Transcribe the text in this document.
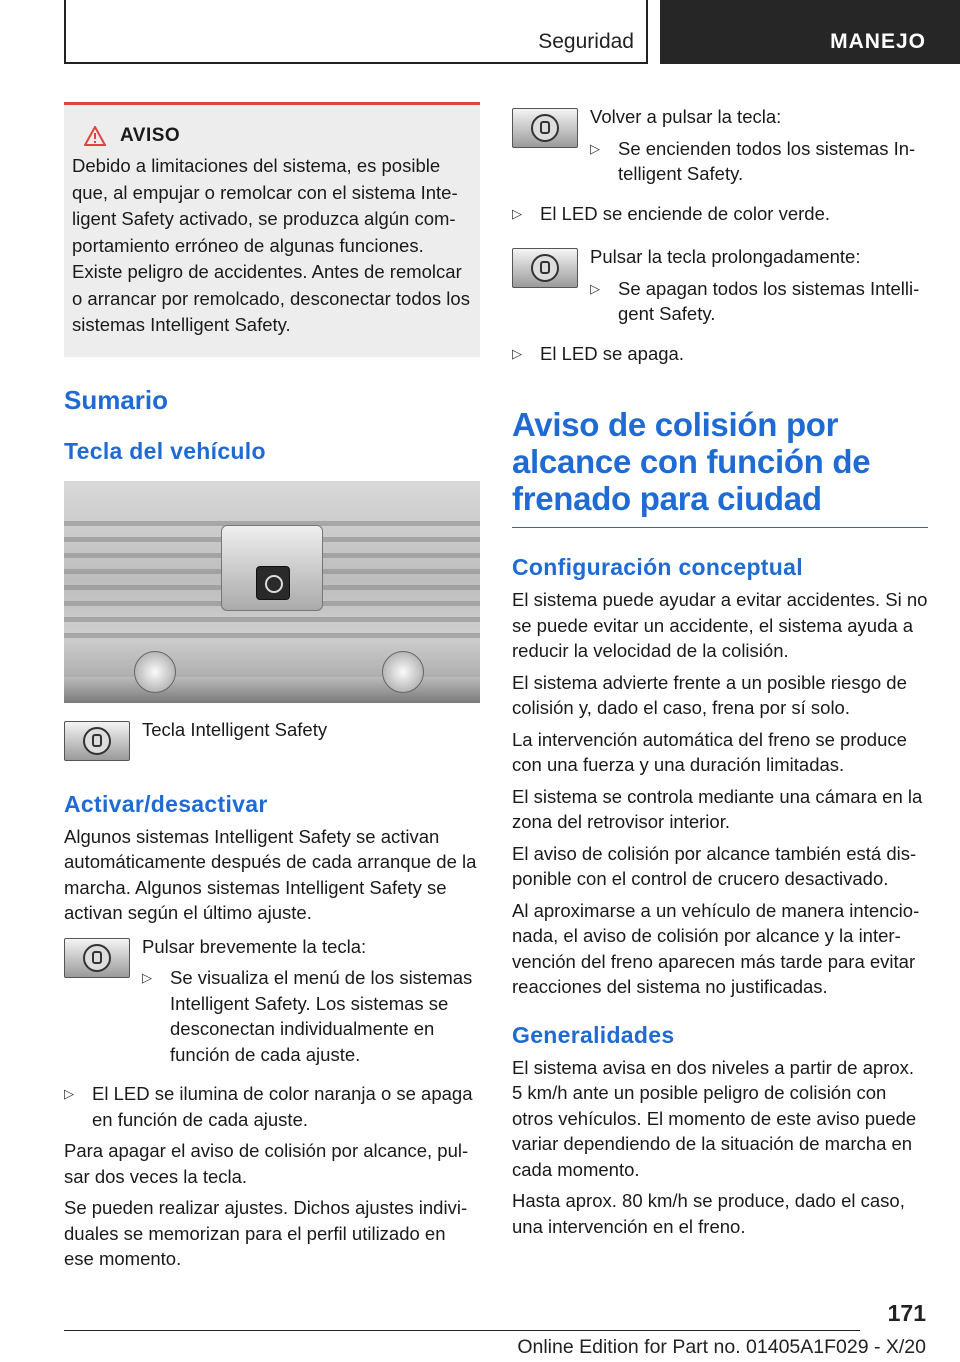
Seguridad	MANEJO
AVISO
Debido a limitaciones del sistema, es posible que, al empujar o remolcar con el sistema Inteligent Safety activado, se produzca algún comportamiento erróneo de algunas funciones. Existe peligro de accidentes. Antes de remolcar o arrancar por remolcado, desconectar todos los sistemas Intelligent Safety.
Sumario
Tecla del vehículo

Tecla Intelligent Safety

Activar/desactivar

Algunos sistemas Intelligent Safety se activan automáticamente después de cada arranque de la marcha. Algunos sistemas Intelligent Safety se activan según el último ajuste.

Pulsar brevemente la tecla:

▷ Se visualiza el menú de los sistemas Intelligent Safety. Los sistemas se desconectan individualmente en función de cada ajuste.
▷ El LED se ilumina de color naranja o se apaga en función de cada ajuste.

Para apagar el aviso de colisión por alcance, pulsar dos veces la tecla.

Se pueden realizar ajustes. Dichos ajustes individuales se memorizan para el perfil utilizado en ese momento.

Volver a pulsar la tecla:

▷ Se encienden todos los sistemas Intelligent Safety.
▷ El LED se enciende de color verde.

Pulsar la tecla prolongadamente:

▷ Se apagan todos los sistemas Intelligent Safety.
▷ El LED se apaga.
Aviso de colisión por alcance con función de frenado para ciudad
Configuración conceptual

El sistema puede ayudar a evitar accidentes. Si no se puede evitar un accidente, el sistema ayuda a reducir la velocidad de la colisión.

El sistema advierte frente a un posible riesgo de colisión y, dado el caso, frena por sí solo.

La intervención automática del freno se produce con una fuerza y una duración limitadas.

El sistema se controla mediante una cámara en la zona del retrovisor interior.

El aviso de colisión por alcance también está disponible con el control de crucero desactivado.

Al aproximarse a un vehículo de manera intencionada, el aviso de colisión por alcance y la intervención del freno aparecen más tarde para evitar reacciones del sistema no justificadas.

Generalidades

El sistema avisa en dos niveles a partir de aprox. 5 km/h ante un posible peligro de colisión con otros vehículos. El momento de este aviso puede variar dependiendo de la situación de marcha en cada momento.

Hasta aprox. 80 km/h se produce, dado el caso, una intervención en el freno.

171
Online Edition for Part no. 01405A1F029 - X/20
